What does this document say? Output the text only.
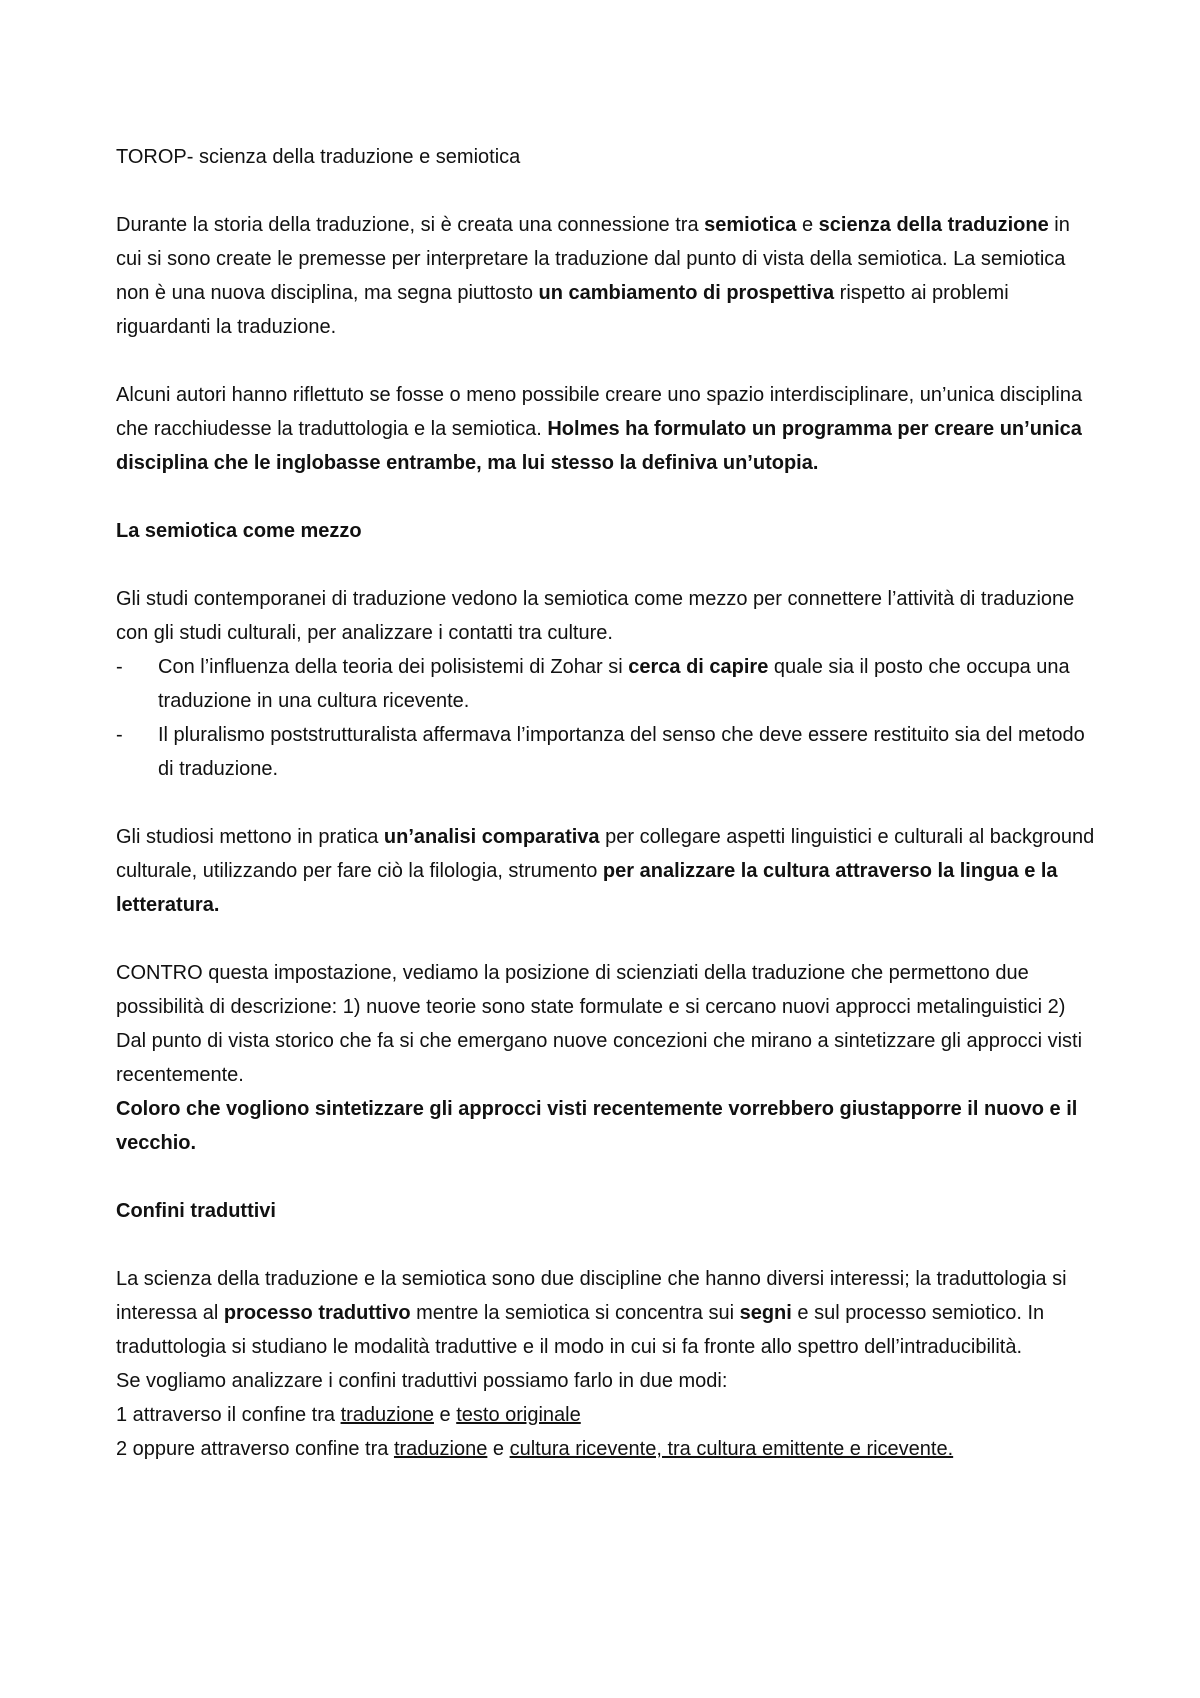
TOROP- scienza della traduzione e semiotica

Durante la storia della traduzione, si è creata una connessione tra semiotica e scienza della traduzione in cui si sono create le premesse per interpretare la traduzione dal punto di vista della semiotica. La semiotica non è una nuova disciplina, ma segna piuttosto un cambiamento di prospettiva rispetto ai problemi riguardanti la traduzione.

Alcuni autori hanno riflettuto se fosse o meno possibile creare uno spazio interdisciplinare, un’unica disciplina che racchiudesse la traduttologia e la semiotica. Holmes ha formulato un programma per creare un’unica disciplina che le inglobasse entrambe, ma lui stesso la definiva un’utopia.

La semiotica come mezzo

Gli studi contemporanei di traduzione vedono la semiotica come mezzo per connettere l’attività di traduzione con gli studi culturali, per analizzare i contatti tra culture.

- Con l’influenza della teoria dei polisistemi di Zohar si cerca di capire quale sia il posto che occupa una traduzione in una cultura ricevente.
- Il pluralismo poststrutturalista affermava l’importanza del senso che deve essere restituito sia del metodo di traduzione.

Gli studiosi mettono in pratica un’analisi comparativa per collegare aspetti linguistici e culturali al background culturale, utilizzando per fare ciò la filologia, strumento per analizzare la cultura attraverso la lingua e la letteratura.

CONTRO questa impostazione, vediamo la posizione di scienziati della traduzione che permettono due possibilità di descrizione: 1) nuove teorie sono state formulate e si cercano nuovi approcci metalinguistici 2) Dal punto di vista storico che fa si che emergano nuove concezioni che mirano a sintetizzare gli approcci visti recentemente.

Coloro che vogliono sintetizzare gli approcci visti recentemente vorrebbero giustapporre il nuovo e il vecchio.

Confini traduttivi

La scienza della traduzione e la semiotica sono due discipline che hanno diversi interessi; la traduttologia si interessa al processo traduttivo mentre la semiotica si concentra sui segni e sul processo semiotico. In traduttologia si studiano le modalità traduttive e il modo in cui si fa fronte allo spettro dell’intraducibilità.

Se vogliamo analizzare i confini traduttivi possiamo farlo in due modi:

1 attraverso il confine tra traduzione e testo originale

2 oppure attraverso confine tra traduzione e cultura ricevente, tra cultura emittente e ricevente.
